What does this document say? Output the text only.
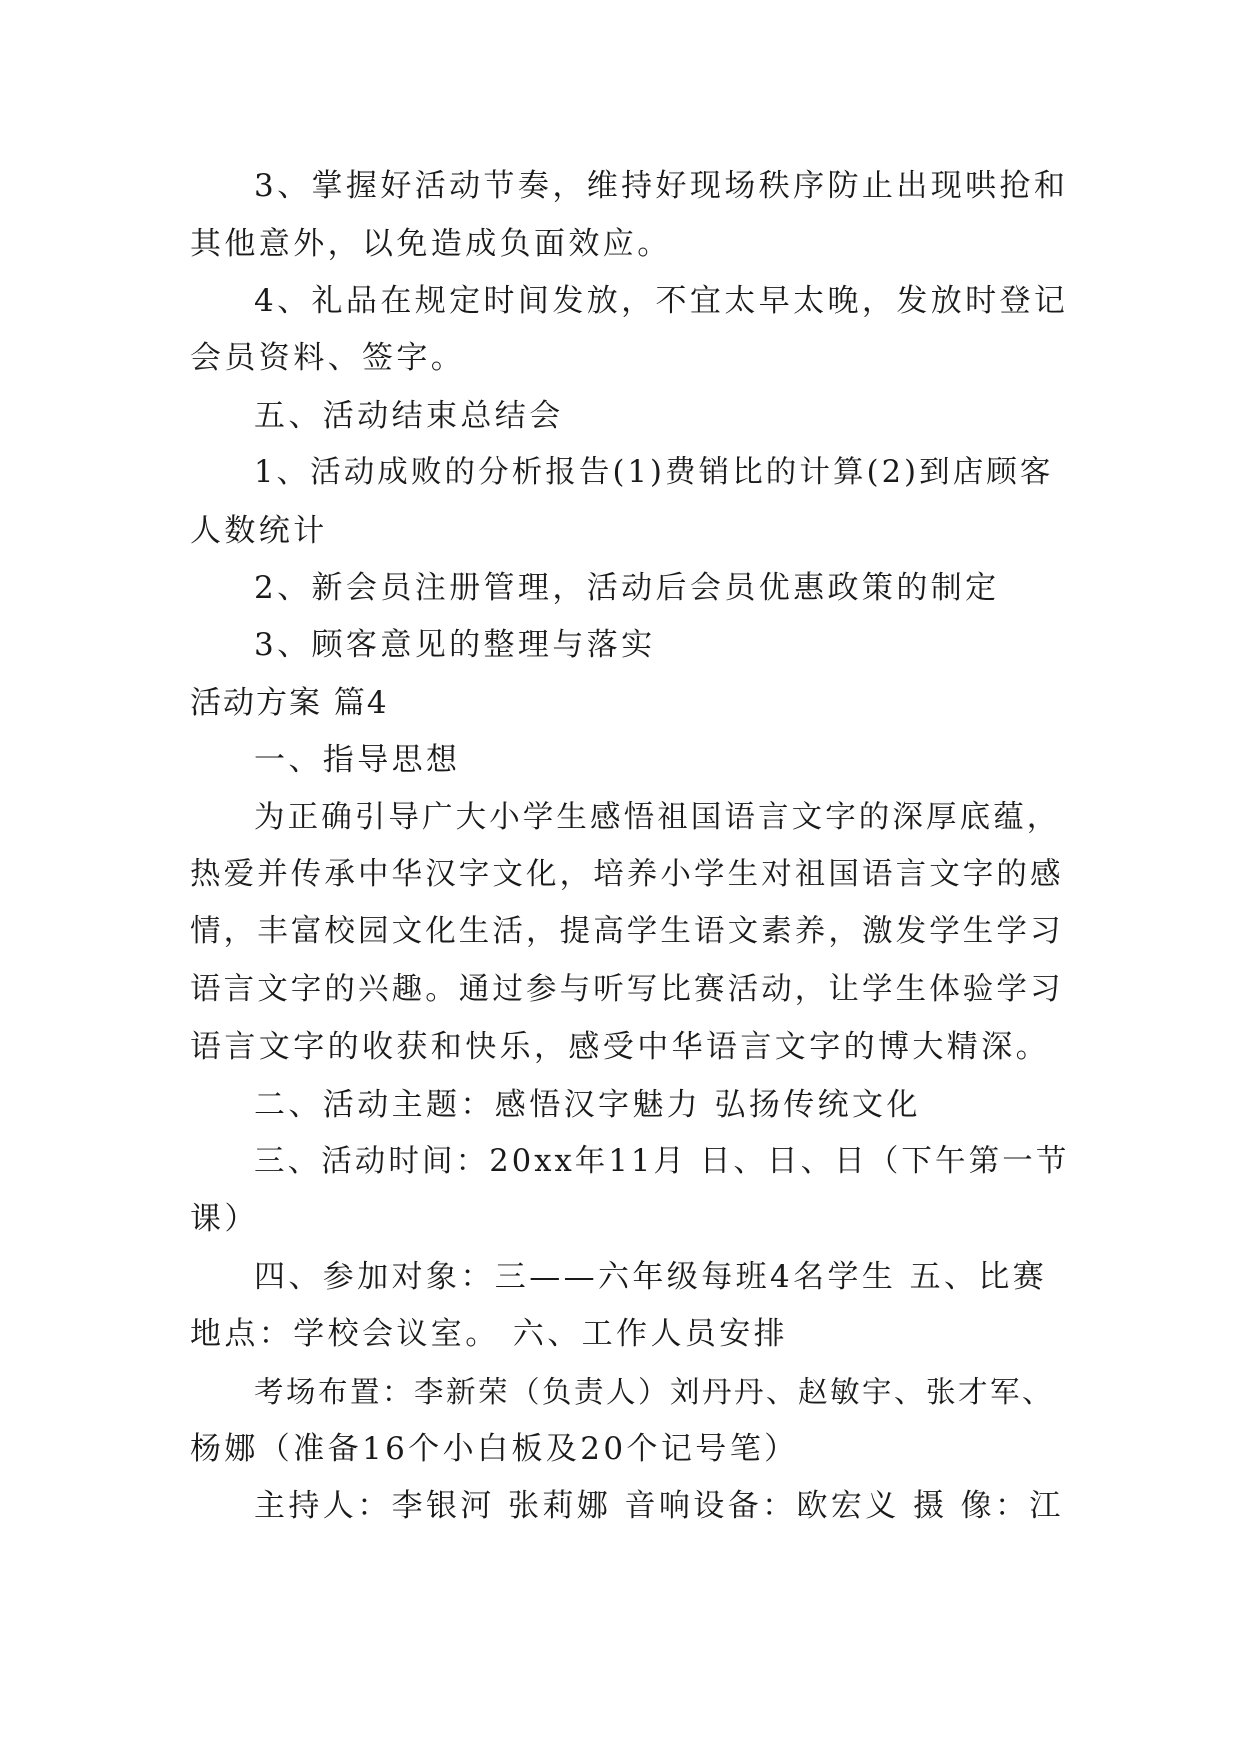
3、掌握好活动节奏，维持好现场秩序防止出现哄抢和
其他意外，以免造成负面效应。
4、礼品在规定时间发放，不宜太早太晚，发放时登记
会员资料、签字。
五、活动结束总结会
1、活动成败的分析报告(1)费销比的计算(2)到店顾客
人数统计
2、新会员注册管理，活动后会员优惠政策的制定
3、顾客意见的整理与落实
活动方案 篇4
一、指导思想
为正确引导广大小学生感悟祖国语言文字的深厚底蕴，
热爱并传承中华汉字文化，培养小学生对祖国语言文字的感
情，丰富校园文化生活，提高学生语文素养，激发学生学习
语言文字的兴趣。通过参与听写比赛活动，让学生体验学习
语言文字的收获和快乐，感受中华语言文字的博大精深。
二、活动主题：感悟汉字魅力 弘扬传统文化
三、活动时间：20xx年11月 日、日、日（下午第一节
课）
四、参加对象：三——六年级每班4名学生 五、比赛
地点：学校会议室。 六、工作人员安排
考场布置：李新荣（负责人）刘丹丹、赵敏宇、张才军、
杨娜（准备16个小白板及20个记号笔）
主持人：李银河 张莉娜 音响设备：欧宏义 摄 像：江
